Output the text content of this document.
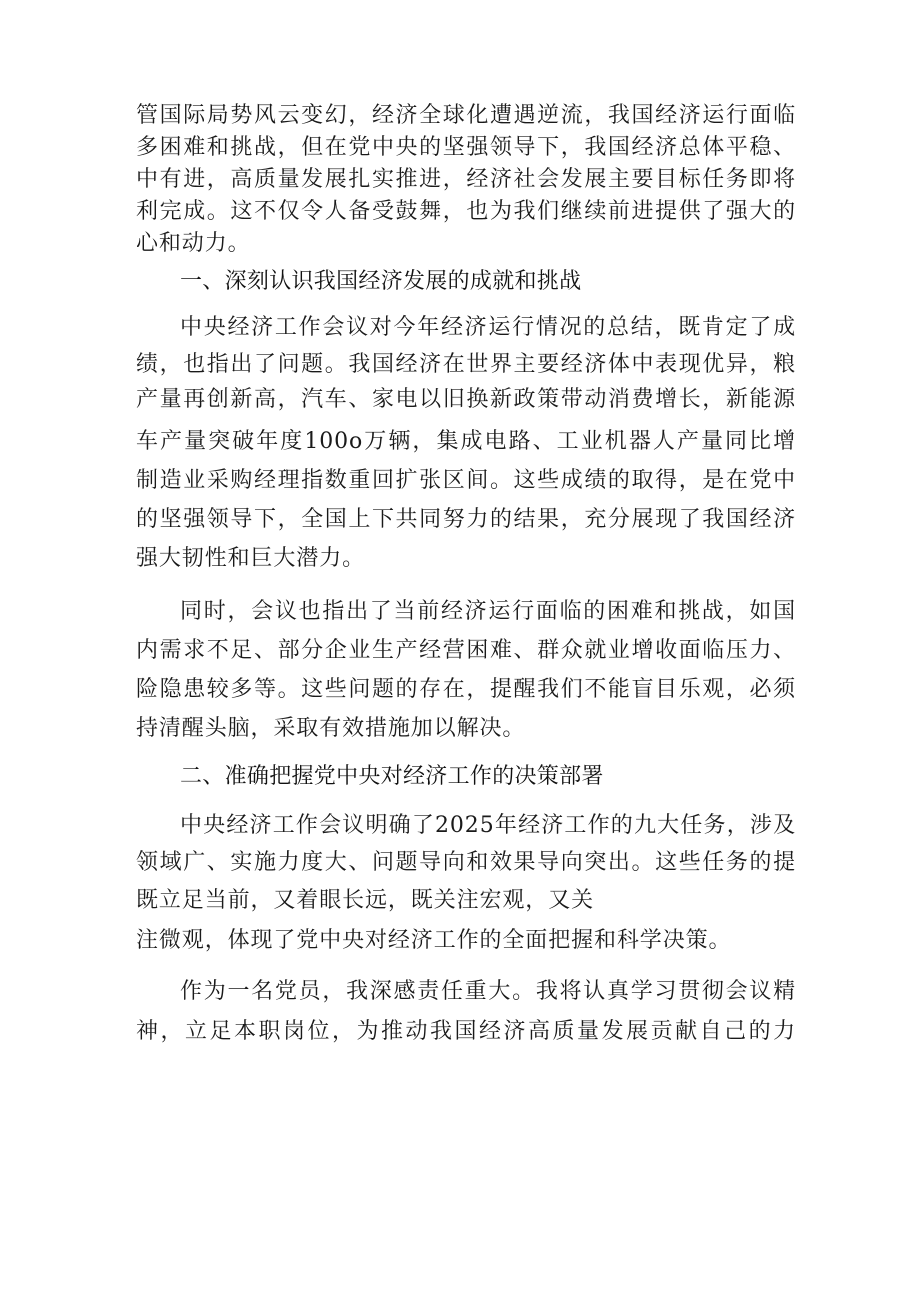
管国际局势风云变幻，经济全球化遭遇逆流，我国经济运行面临
多困难和挑战，但在党中央的坚强领导下，我国经济总体平稳、
中有进，高质量发展扎实推进，经济社会发展主要目标任务即将
利完成。这不仅令人备受鼓舞，也为我们继续前进提供了强大的
心和动力。
一、深刻认识我国经济发展的成就和挑战
中央经济工作会议对今年经济运行情况的总结，既肯定了成
绩，也指出了问题。我国经济在世界主要经济体中表现优异，粮
产量再创新高，汽车、家电以旧换新政策带动消费增长，新能源
车产量突破年度100o万辆，集成电路、工业机器人产量同比增
制造业采购经理指数重回扩张区间。这些成绩的取得，是在党中
的坚强领导下，全国上下共同努力的结果，充分展现了我国经济
强大韧性和巨大潜力。
同时，会议也指出了当前经济运行面临的困难和挑战，如国
内需求不足、部分企业生产经营困难、群众就业增收面临压力、
险隐患较多等。这些问题的存在，提醒我们不能盲目乐观，必须
持清醒头脑，采取有效措施加以解决。
二、准确把握党中央对经济工作的决策部署
中央经济工作会议明确了2025年经济工作的九大任务，涉及
领域广、实施力度大、问题导向和效果导向突出。这些任务的提
既立足当前，又着眼长远，既关注宏观，又关
注微观，体现了党中央对经济工作的全面把握和科学决策。
作为一名党员，我深感责任重大。我将认真学习贯彻会议精
神，立足本职岗位，为推动我国经济高质量发展贡献自己的力
